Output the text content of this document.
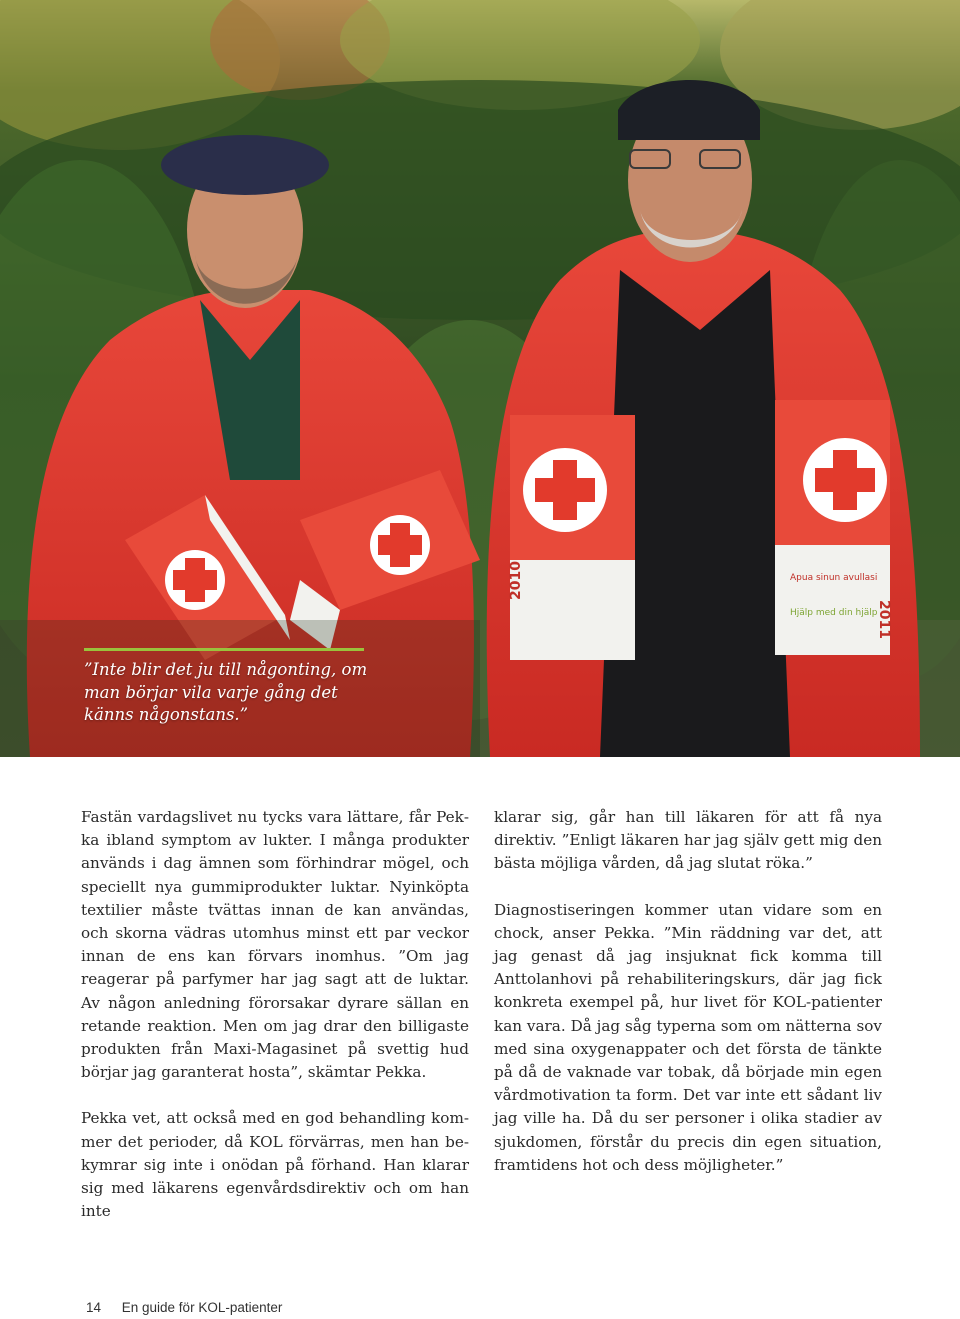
Apua sinun avullasi
Hjälp med din hjälp
2011
2010
”Inte blir det ju till någonting, om man börjar vila varje gång det känns någonstans.”

Fastän vardagslivet nu tycks vara lättare, får Pekka ibland symptom av lukter. I många produkter används i dag ämnen som förhindrar mögel, och speciellt nya gummiprodukter luktar. Nyinköpta textilier måste tvättas innan de kan användas, och skorna vädras utomhus minst ett par veckor innan de ens kan förvars inomhus. ”Om jag reagerar på parfymer har jag sagt att de luktar. Av någon anledning förorsakar dyrare sällan en retande reaktion. Men om jag drar den billigaste produkten från Maxi-Magasinet på svettig hud börjar jag garanterat hosta”, skämtar Pekka.

Pekka vet, att också med en god behandling kommer det perioder, då KOL förvärras, men han bekymrar sig inte i onödan på förhand. Han klarar sig med läkarens egenvårdsdirektiv och om han inte

klarar sig, går han till läkaren för att få nya direktiv. ”Enligt läkaren har jag själv gett mig den bästa möjliga vården, då jag slutat röka.”

Diagnostiseringen kommer utan vidare som en chock, anser Pekka. ”Min räddning var det, att jag genast då jag insjuknat fick komma till Anttolanhovi på rehabiliteringskurs, där jag fick konkreta exempel på, hur livet för KOL-patienter kan vara. Då jag såg typerna som om nätterna sov med sina oxygenappater och det första de tänkte på då de vaknade var tobak, då började min egen vårdmotivation ta form. Det var inte ett sådant liv jag ville ha. Då du ser personer i olika stadier av sjukdomen, förstår du precis din egen situation, framtidens hot och dess möjligheter.”

14 En guide för KOL-patienter
